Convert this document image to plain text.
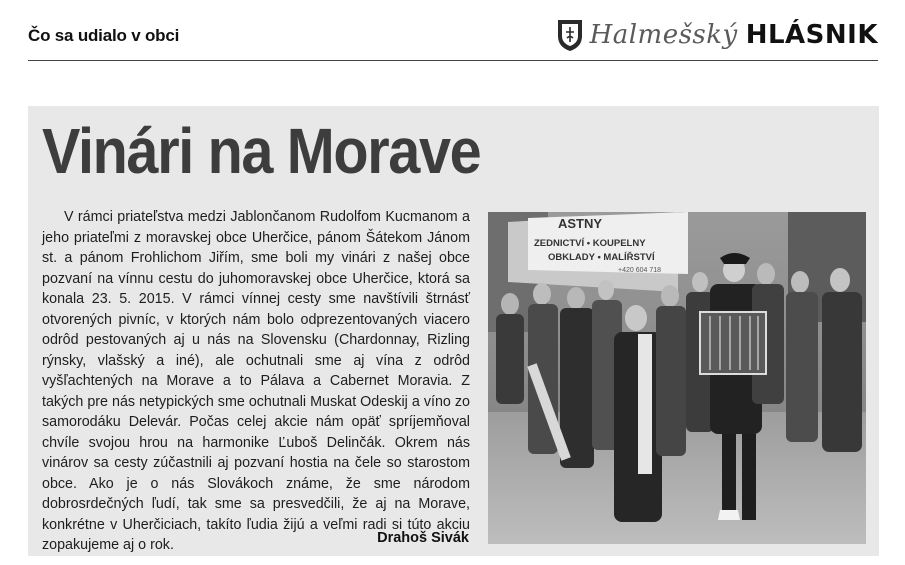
Čo sa udialo v obci	Halmešský HLÁSNIK
Vinári na Morave

V rámci priateľstva medzi Jablončanom Rudolfom Kucmanom a jeho priateľmi z moravskej obce Uherčice, pánom Šátekom Jánom st. a pánom Frohlichom Jiřím, sme boli my vinári z našej obce pozvaní na vínnu cestu do juhomoravskej obce Uherčice, ktorá sa konala 23. 5. 2015. V rámci vínnej cesty sme navštívili štrnásť otvorených pivníc, v ktorých nám bolo odprezentovaných viacero odrôd pestovaných aj u nás na Slovensku (Chardonnay, Rizling rýnsky, vlašský a iné), ale ochutnali sme aj vína z odrôd vyšľachtených na Morave a to Pálava a Cabernet Moravia. Z takých pre nás netypických sme ochutnali Muskat Odeskij a víno zo samorodáku Delevár. Počas celej akcie nám opäť spríjemňoval chvíle svojou hrou na harmonike Ľuboš Delinčák. Okrem nás vinárov sa cesty zúčastnili aj pozvaní hostia na čele so starostom obce. Ako je o nás Slovákoch známe, že sme národom dobrosrdečných ľudí, tak sme sa presvedčili, že aj na Morave, konkrétne v Uherčiciach, takíto ľudia žijú a veľmi radi si túto akciu zopakujeme aj o rok.	Drahoš Sivák
ASTNY
ZEDNICTVÍ • KOUPELNY
OBKLADY • MALÍŘSTVÍ
+420 604 718
